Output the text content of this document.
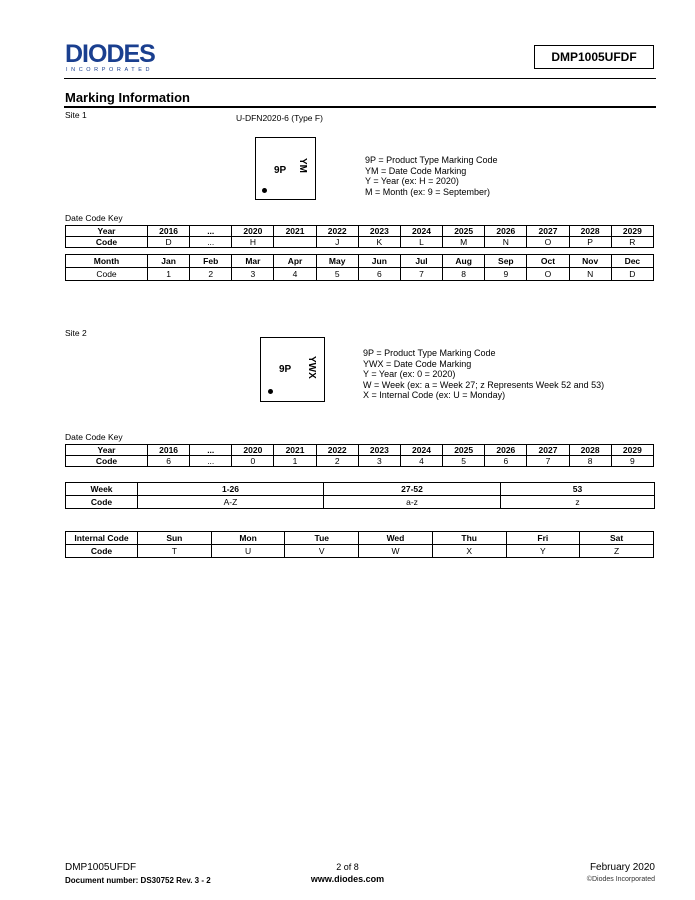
DIODES
INCORPORATED
DMP1005UFDF
Marking Information
Site 1	U-DFN2020-6 (Type F)
9P YM	9P = Product Type Marking Code
YM = Date Code Marking
Y = Year (ex: H = 2020)
M = Month (ex: 9 = September)
Date Code Key
Year	2016	...	2020	2021	2022	2023	2024	2025	2026	2027	2028	2029
Code	D	...	H		J	K	L	M	N	O	P	R
Month	Jan	Feb	Mar	Apr	May	Jun	Jul	Aug	Sep	Oct	Nov	Dec
Code	1	2	3	4	5	6	7	8	9	O	N	D
Site 2
9P YWX
9P = Product Type Marking Code
YWX = Date Code Marking
Y = Year (ex: 0 = 2020)
W = Week (ex: a = Week 27; z Represents Week 52 and 53)
X = Internal Code (ex: U = Monday)
Date Code Key
Year	2016	...	2020	2021	2022	2023	2024	2025	2026	2027	2028	2029
Code	6	...	0	1	2	3	4	5	6	7	8	9
Week	1-26	27-52	53
Code	A-Z	a-z	z
Internal Code	Sun	Mon	Tue	Wed	Thu	Fri	Sat
Code	T	U	V	W	X	Y	Z
DMP1005UFDF
Document number: DS30752 Rev. 3 - 2
2 of 8
www.diodes.com
February 2020
©Diodes Incorporated
